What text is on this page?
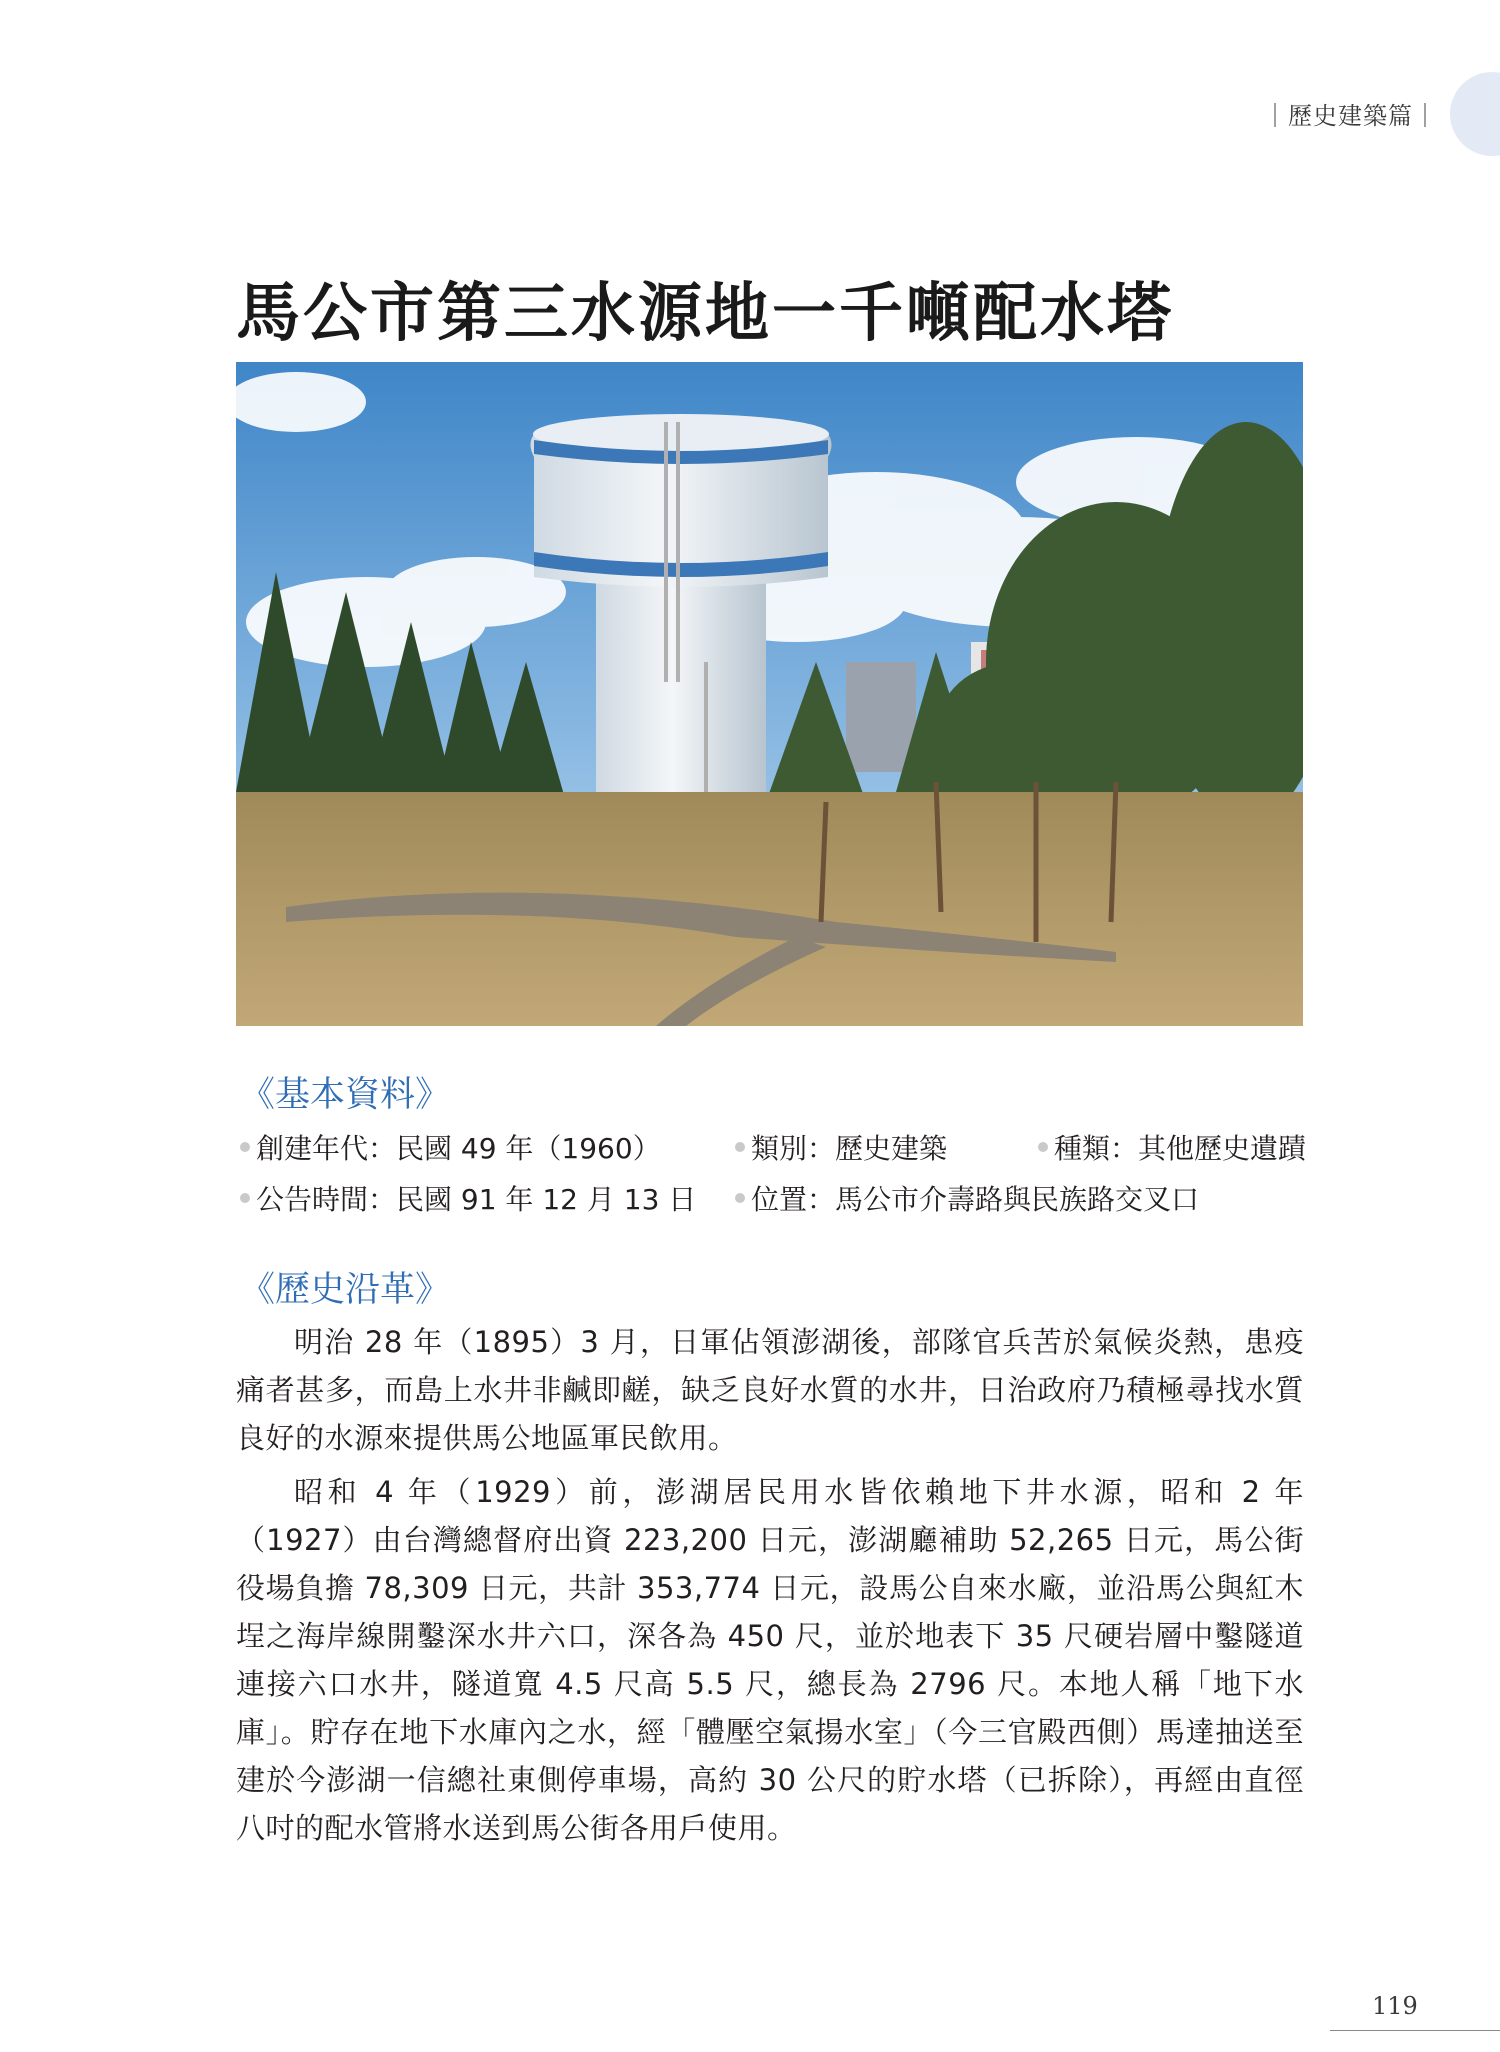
｜歷史建築篇｜
馬公市第三水源地一千噸配水塔
《基本資料》
創建年代：民國 49 年（1960）	類別：歷史建築	種類：其他歷史遺蹟
公告時間：民國 91 年 12 月 13 日	位置：馬公市介壽路與民族路交叉口
《歷史沿革》

明治 28 年（1895）3 月，日軍佔領澎湖後，部隊官兵苦於氣候炎熱，患疫痛者甚多，而島上水井非鹹即鹺，缺乏良好水質的水井，日治政府乃積極尋找水質良好的水源來提供馬公地區軍民飲用。

昭和 4 年（1929）前，澎湖居民用水皆依賴地下井水源，昭和 2 年（1927）由台灣總督府出資 223,200 日元，澎湖廳補助 52,265 日元，馬公街役場負擔 78,309 日元，共計 353,774 日元，設馬公自來水廠，並沿馬公與紅木埕之海岸線開鑿深水井六口，深各為 450 尺，並於地表下 35 尺硬岩層中鑿隧道連接六口水井，隧道寬 4.5 尺高 5.5 尺，總長為 2796 尺。本地人稱「地下水庫」。貯存在地下水庫內之水，經「體壓空氣揚水室」（今三官殿西側）馬達抽送至建於今澎湖一信總社東側停車場，高約 30 公尺的貯水塔（已拆除），再經由直徑八吋的配水管將水送到馬公街各用戶使用。

119
